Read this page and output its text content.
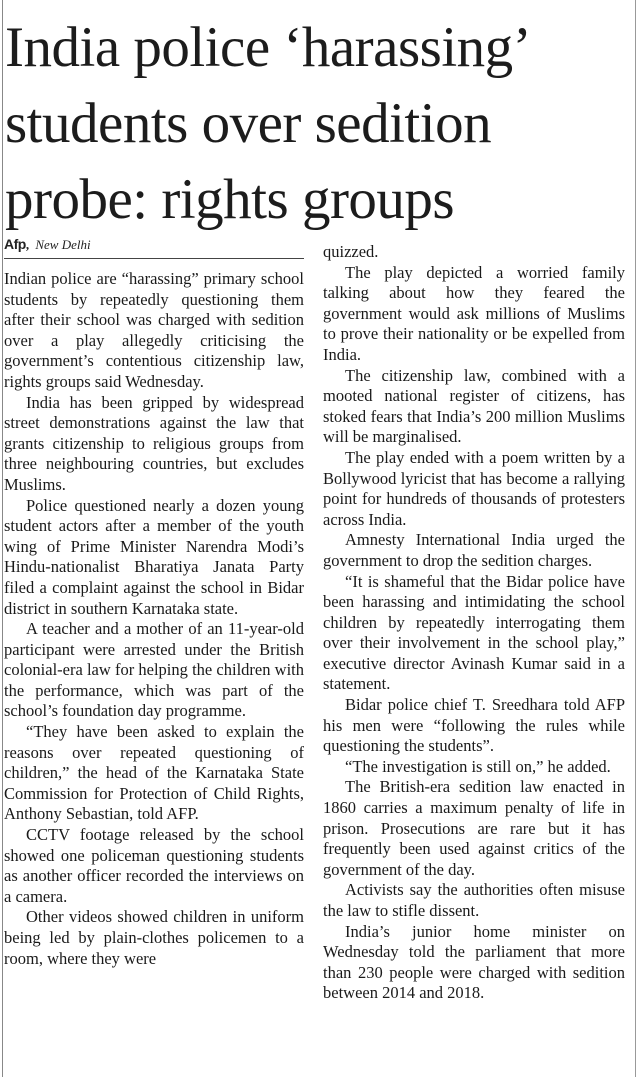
India police ‘harassing’ students over sedition probe: rights groups
Afp, New Delhi

Indian police are “harassing” primary school students by repeatedly questioning them after their school was charged with sedition over a play allegedly criticising the government’s contentious citizenship law, rights groups said Wednesday.

India has been gripped by widespread street demonstrations against the law that grants citizenship to religious groups from three neighbouring countries, but excludes Muslims.

Police questioned nearly a dozen young student actors after a member of the youth wing of Prime Minister Narendra Modi’s Hindu-nationalist Bharatiya Janata Party filed a complaint against the school in Bidar district in southern Karnataka state.

A teacher and a mother of an 11-year-old participant were arrested under the British colonial-era law for helping the children with the performance, which was part of the school’s foundation day programme.

“They have been asked to explain the reasons over repeated questioning of children,” the head of the Karnataka State Commission for Protection of Child Rights, Anthony Sebastian, told AFP.

CCTV footage released by the school showed one policeman questioning students as another officer recorded the interviews on a camera.

Other videos showed children in uniform being led by plain-clothes policemen to a room, where they were

quizzed.

The play depicted a worried family talking about how they feared the government would ask millions of Muslims to prove their nationality or be expelled from India.

The citizenship law, combined with a mooted national register of citizens, has stoked fears that India’s 200 million Muslims will be marginalised.

The play ended with a poem written by a Bollywood lyricist that has become a rallying point for hundreds of thousands of protesters across India.

Amnesty International India urged the government to drop the sedition charges.

“It is shameful that the Bidar police have been harassing and intimidating the school children by repeatedly interrogating them over their involvement in the school play,” executive director Avinash Kumar said in a statement.

Bidar police chief T. Sreedhara told AFP his men were “following the rules while questioning the students”.

“The investigation is still on,” he added.

The British-era sedition law enacted in 1860 carries a maximum penalty of life in prison. Prosecutions are rare but it has frequently been used against critics of the government of the day.

Activists say the authorities often misuse the law to stifle dissent.

India’s junior home minister on Wednesday told the parliament that more than 230 people were charged with sedition between 2014 and 2018.
